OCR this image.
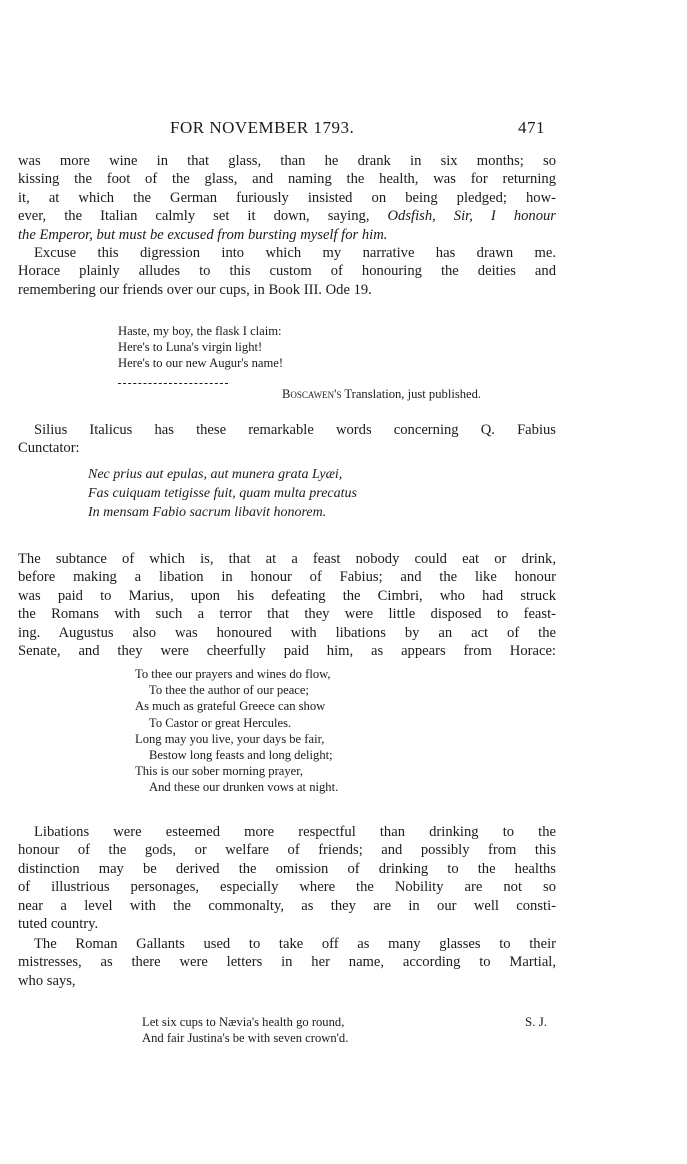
FOR NOVEMBER 1793.	471
was more wine in that glass, than he drank in six months; so
kissing the foot of the glass, and naming the health, was for returning
it, at which the German furiously insisted on being pledged; how-
ever, the Italian calmly set it down, saying, Odsfish, Sir, I honour
the Emperor, but must be excused from bursting myself for him.
Excuse this digression into which my narrative has drawn me.
Horace plainly alludes to this custom of honouring the deities and
remembering our friends over our cups, in Book III. Ode 19.
Haste, my boy, the flask I claim:
Here's to Luna's virgin light!
Here's to our new Augur's name!
Boscawen's Translation, just published.
Silius Italicus has these remarkable words concerning Q. Fabius
Cunctator:
Nec prius aut epulas, aut munera grata Lyæi,
Fas cuiquam tetigisse fuit, quam multa precatus
In mensam Fabio sacrum libavit honorem.
The subtance of which is, that at a feast nobody could eat or drink,
before making a libation in honour of Fabius; and the like honour
was paid to Marius, upon his defeating the Cimbri, who had struck
the Romans with such a terror that they were little disposed to feast-
ing. Augustus also was honoured with libations by an act of the
Senate, and they were cheerfully paid him, as appears from Horace:
To thee our prayers and wines do flow,
To thee the author of our peace;
As much as grateful Greece can show
To Castor or great Hercules.
Long may you live, your days be fair,
Bestow long feasts and long delight;
This is our sober morning prayer,
And these our drunken vows at night.
Libations were esteemed more respectful than drinking to the
honour of the gods, or welfare of friends; and possibly from this
distinction may be derived the omission of drinking to the healths
of illustrious personages, especially where the Nobility are not so
near a level with the commonalty, as they are in our well consti-
tuted country.
The Roman Gallants used to take off as many glasses to their
mistresses, as there were letters in her name, according to Martial,
who says,
Let six cups to Nævia's health go round,
And fair Justina's be with seven crown'd.
S. J.
